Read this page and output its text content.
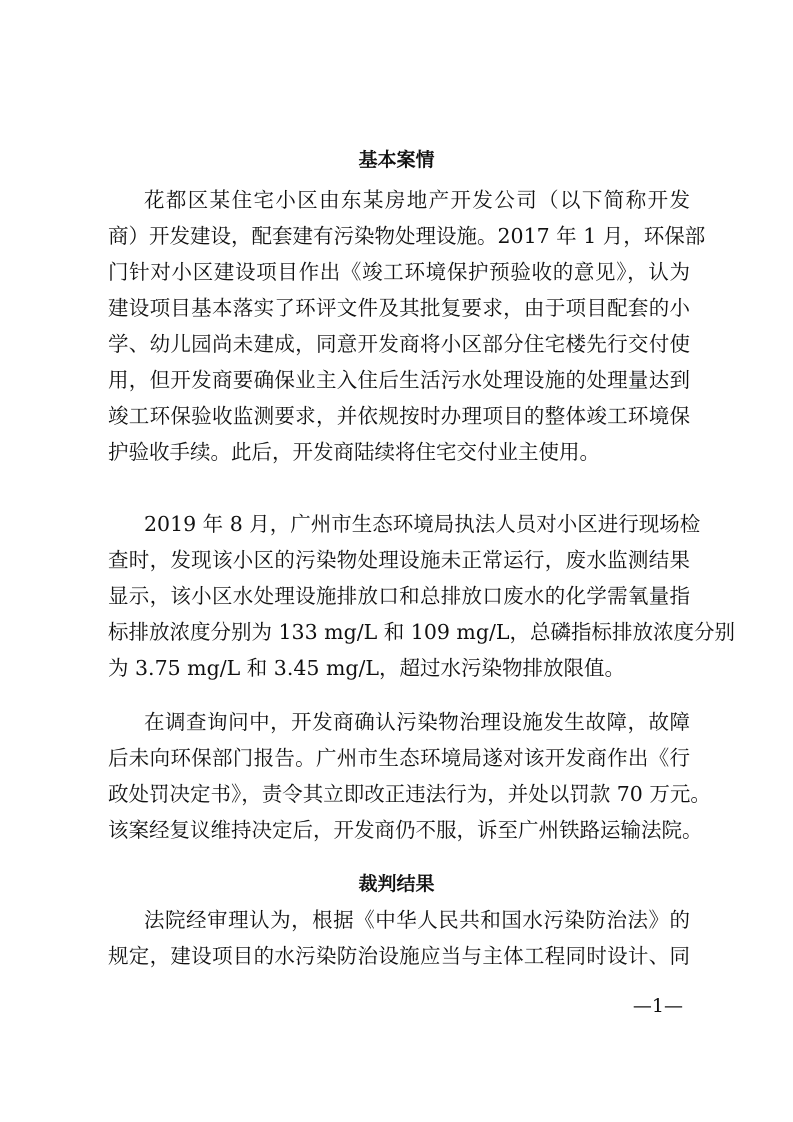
基本案情
花都区某住宅小区由东某房地产开发公司（以下简称开发
商）开发建设，配套建有污染物处理设施。2017 年 1 月，环保部
门针对小区建设项目作出《竣工环境保护预验收的意见》，认为
建设项目基本落实了环评文件及其批复要求，由于项目配套的小
学、幼儿园尚未建成，同意开发商将小区部分住宅楼先行交付使
用，但开发商要确保业主入住后生活污水处理设施的处理量达到
竣工环保验收监测要求，并依规按时办理项目的整体竣工环境保
护验收手续。此后，开发商陆续将住宅交付业主使用。
2019 年 8 月，广州市生态环境局执法人员对小区进行现场检
查时，发现该小区的污染物处理设施未正常运行，废水监测结果
显示，该小区水处理设施排放口和总排放口废水的化学需氧量指
标排放浓度分别为 133 mg/L 和 109 mg/L，总磷指标排放浓度分别
为 3.75 mg/L 和 3.45 mg/L，超过水污染物排放限值。
在调查询问中，开发商确认污染物治理设施发生故障，故障
后未向环保部门报告。广州市生态环境局遂对该开发商作出《行
政处罚决定书》，责令其立即改正违法行为，并处以罚款 70 万元。
该案经复议维持决定后，开发商仍不服，诉至广州铁路运输法院。
裁判结果
法院经审理认为，根据《中华人民共和国水污染防治法》的
规定，建设项目的水污染防治设施应当与主体工程同时设计、同
—1—
